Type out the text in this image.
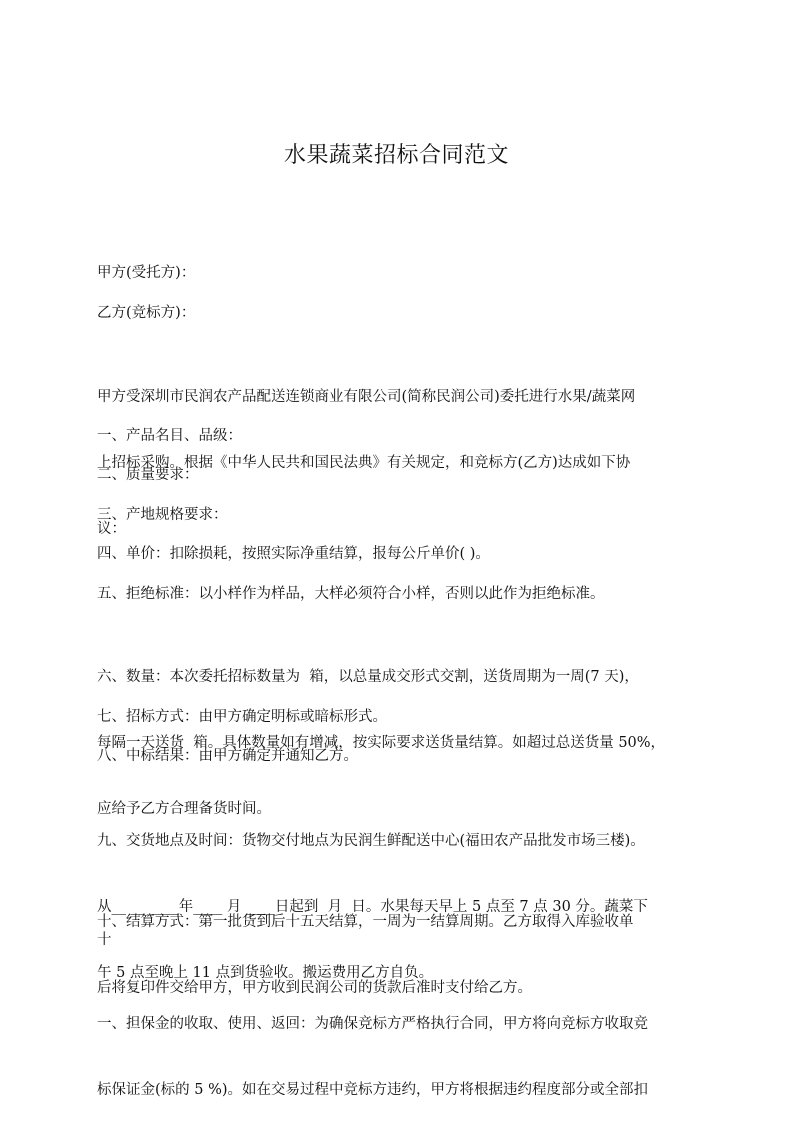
水果蔬菜招标合同范文

甲方(受托方)：

乙方(竞标方)：

甲方受深圳市民润农产品配送连锁商业有限公司(简称民润公司)委托进行水果/蔬菜网

上招标采购。根据《中华人民共和国民法典》有关规定，和竞标方(乙方)达成如下协

议：

一、产品名目、品级：

二、质量要求：

三、产地规格要求：

四、单价：扣除损耗，按照实际净重结算，报每公斤单价( )。

五、拒绝标准：以小样作为样品，大样必须符合小样，否则以此作为拒绝标准。

六、数量：本次委托招标数量为  箱，以总量成交形式交割，送货周期为一周(7 天)，

每隔一天送货  箱。具体数量如有增减，按实际要求送货量结算。如超过总送货量 50%，

应给予乙方合理备货时间。

七、招标方式：由甲方确定明标或暗标形式。

八、中标结果：由甲方确定并通知乙方。

九、交货地点及时间：货物交付地点为民润生鲜配送中心(福田农产品批发市场三楼)。

从__ __ ____年____ 月 ____日起到  月  日。水果每天早上 5 点至 7 点 30 分。蔬菜下

午 5 点至晚上 11 点到货验收。搬运费用乙方自负。

十、结算方式：第一批货到后十五天结算，一周为一结算周期。乙方取得入库验收单

后将复印件交给甲方，甲方收到民润公司的货款后准时支付给乙方。

十

一、担保金的收取、使用、返回：为确保竞标方严格执行合同，甲方将向竞标方收取竞

标保证金(标的 5 %)。如在交易过程中竞标方违约，甲方将根据违约程度部分或全部扣
